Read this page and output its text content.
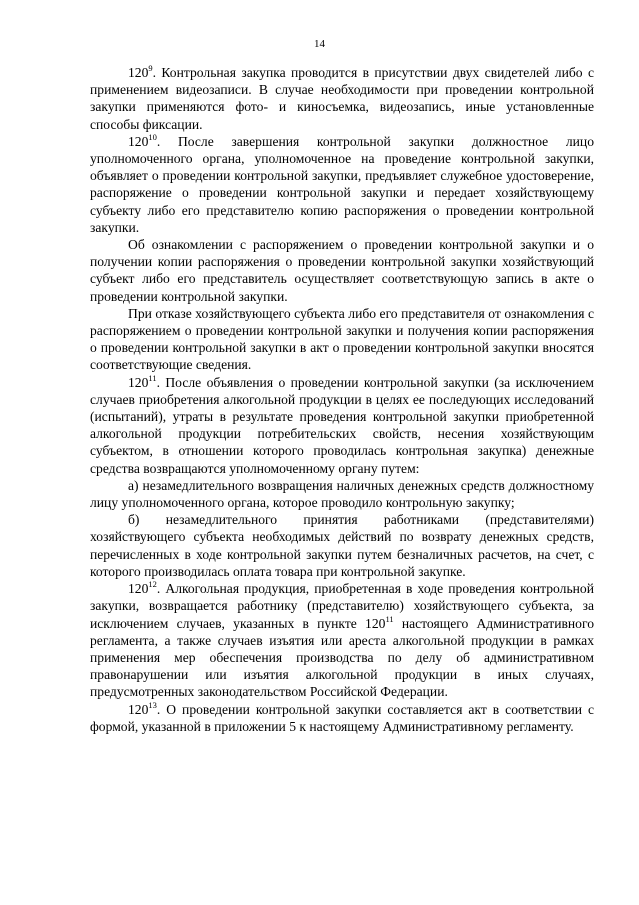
14

$120^9$. Контрольная закупка проводится в присутствии двух свидетелей либо с применением видеозаписи. В случае необходимости при проведении контрольной закупки применяются фото- и киносъемка, видеозапись, иные установленные способы фиксации.

$120^{10}$. После завершения контрольной закупки должностное лицо уполномоченного органа, уполномоченное на проведение контрольной закупки, объявляет о проведении контрольной закупки, предъявляет служебное удостоверение, распоряжение о проведении контрольной закупки и передает хозяйствующему субъекту либо его представителю копию распоряжения о проведении контрольной закупки.

Об ознакомлении с распоряжением о проведении контрольной закупки и о получении копии распоряжения о проведении контрольной закупки хозяйствующий субъект либо его представитель осуществляет соответствующую запись в акте о проведении контрольной закупки.

При отказе хозяйствующего субъекта либо его представителя от ознакомления с распоряжением о проведении контрольной закупки и получения копии распоряжения о проведении контрольной закупки в акт о проведении контрольной закупки вносятся соответствующие сведения.

$120^{11}$. После объявления о проведении контрольной закупки (за исключением случаев приобретения алкогольной продукции в целях ее последующих исследований (испытаний), утраты в результате проведения контрольной закупки приобретенной алкогольной продукции потребительских свойств, несения хозяйствующим субъектом, в отношении которого проводилась контрольная закупка) денежные средства возвращаются уполномоченному органу путем:

а) незамедлительного возвращения наличных денежных средств должностному лицу уполномоченного органа, которое проводило контрольную закупку;

б) незамедлительного принятия работниками (представителями) хозяйствующего субъекта необходимых действий по возврату денежных средств, перечисленных в ходе контрольной закупки путем безналичных расчетов, на счет, с которого производилась оплата товара при контрольной закупке.

$120^{12}$. Алкогольная продукция, приобретенная в ходе проведения контрольной закупки, возвращается работнику (представителю) хозяйствующего субъекта, за исключением случаев, указанных в пункте $120^{11}$ настоящего Административного регламента, а также случаев изъятия или ареста алкогольной продукции в рамках применения мер обеспечения производства по делу об административном правонарушении или изъятия алкогольной продукции в иных случаях, предусмотренных законодательством Российской Федерации.

$120^{13}$. О проведении контрольной закупки составляется акт в соответствии с формой, указанной в приложении 5 к настоящему Административному регламенту.
